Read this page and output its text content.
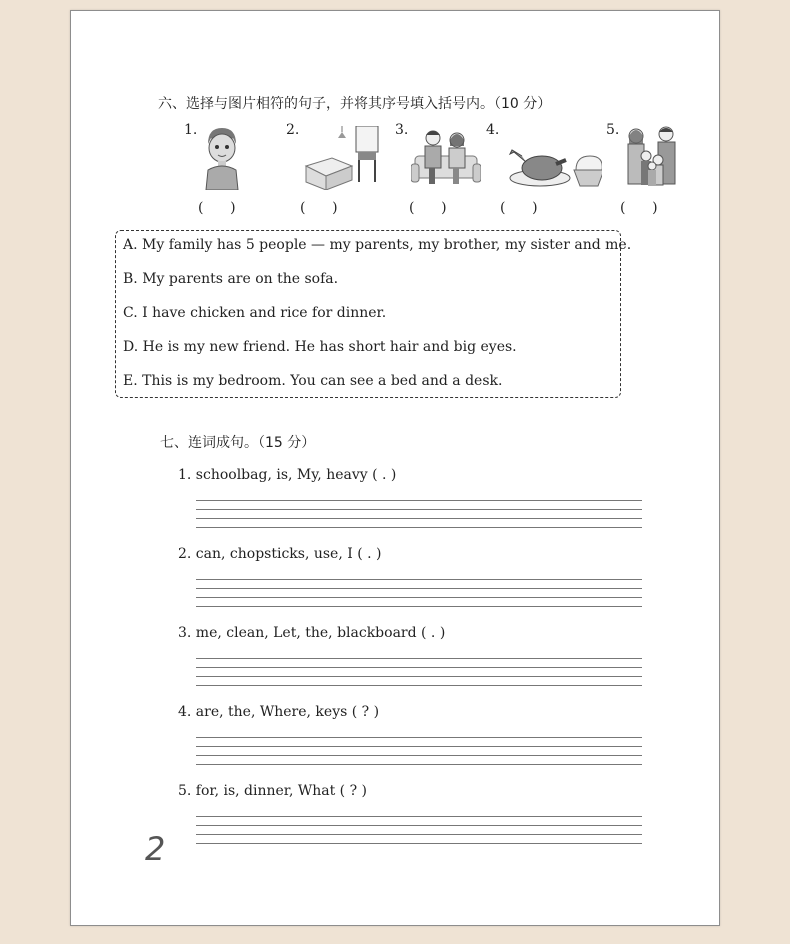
六、选择与图片相符的句子，并将其序号填入括号内。（10 分）
1.
(      )
2.
(      )
3.
(      )
4.
(      )
5.
(      )
A. My family has 5 people — my parents, my brother, my sister and me.
B. My parents are on the sofa.
C. I have chicken and rice for dinner.
D. He is my new friend. He has short hair and big eyes.
E. This is my bedroom. You can see a bed and a desk.
七、连词成句。（15 分）
1. schoolbag, is, My, heavy ( . )
2. can, chopsticks, use, I ( . )
3. me, clean, Let, the, blackboard ( . )
4. are, the, Where, keys ( ? )
5. for, is, dinner, What ( ? )
2
